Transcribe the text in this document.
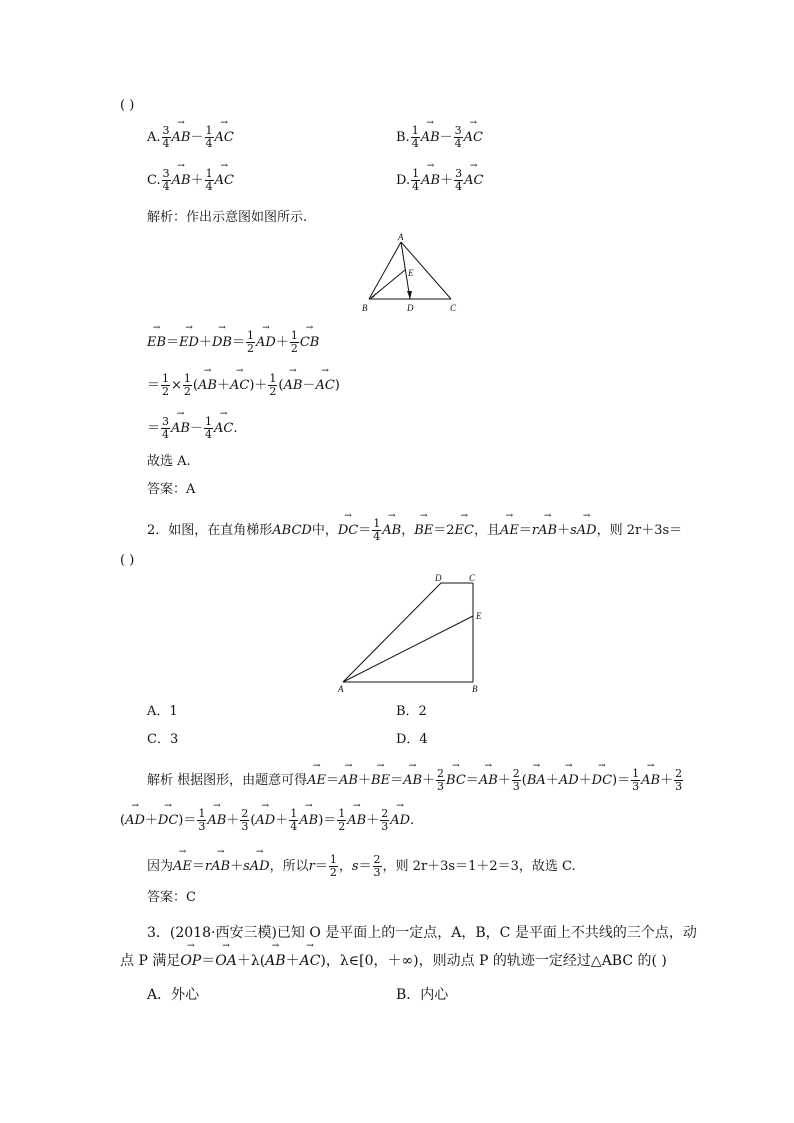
( )
A. $\frac{3}{4}$
→ $AB- \frac{1}{4}$
→ AC	B. $\frac{1}{4}$
→ $AB- \frac{3}{4}$
→ AC
C. $\frac{3}{4}$
→ $AB+ \frac{1}{4}$
→ AC	D. $\frac{1}{4}$
→ $AB+ \frac{3}{4}$
→ AC
解析：作出示意图如图所示.
A
E
B	D	C
→ $EB=\to ED+\to DB= \frac{1}{2}$
→ $AD+ \frac{1}{2}$
→ CB
＝ $\frac{1}{2} \times \frac{1}{2}$ (→ $AB+\to AC)+ \frac{1}{2}$ (→ AB－→ AC)
＝ $\frac{3}{4}$
→ $AB- \frac{1}{4}$
→ AC.
故选 A.
答案：A
2．如图，在直角梯形ABCD中，→ $DC= \frac{1}{4}$
→ AB，→ BE＝2→ EC，且→ AE＝r→ AB＋s→ AD，则 2r＋3s＝
( )
D	C
E
A	B
A．1	B．2
C．3	D．4
解析 根据图形，由题意可得→ $AE=\to AB+\to BE=\to AB+ \frac{2}{3}$
→ $BC=\to AB+ \frac{2}{3}$ (→ $BA+\to AD+\to DC)= \frac{1}{3}$
→ $AB+ \frac{2}{3}$
(→ $AD+\to DC)= \frac{1}{3}$
→ $AB+ \frac{2}{3}$ (→ $AD+ \frac{1}{4}$
→ $AB)= \frac{1}{2}$
→ $AB+ \frac{2}{3}$
→ AD.
因为→ AE＝r→ AB＋s→ AD，所以$r= \frac{1}{2}$ ，$s= \frac{2}{3}$ ，则 2r＋3s＝1＋2＝3，故选 C.
答案：C
3．(2018·西安三模)已知 O 是平面上的一定点，A，B，C 是平面上不共线的三个点，动
点 P 满足→ OP＝→ OA＋λ(→ AB＋→ AC)，λ∈[0，＋∞)，则动点 P 的轨迹一定经过△ABC 的( )
A．外心	B．内心
